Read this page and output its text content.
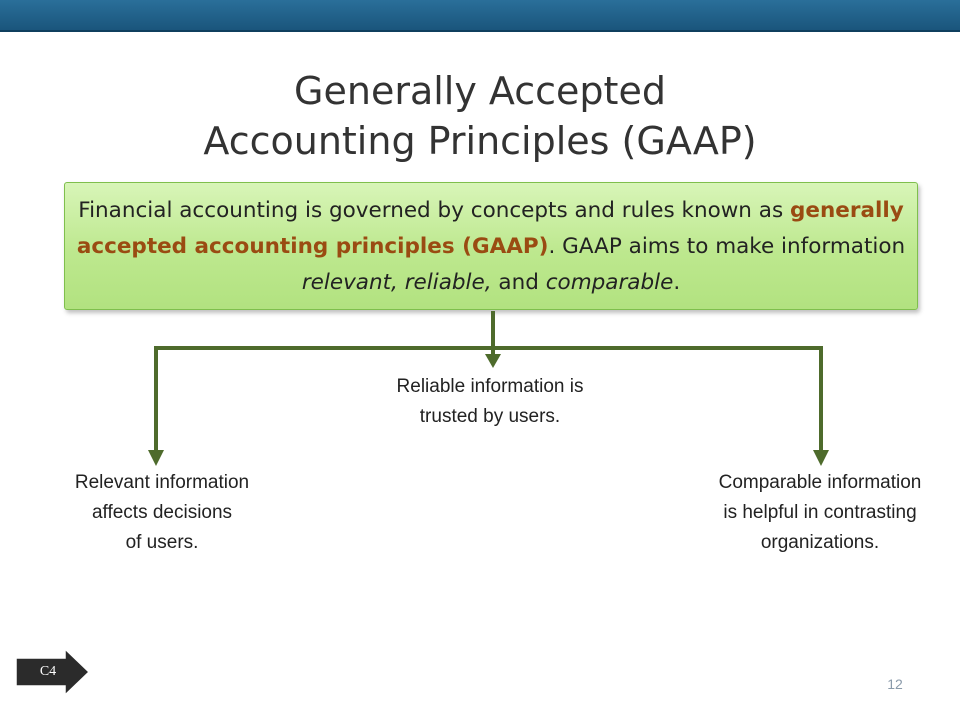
Generally Accepted
Accounting Principles (GAAP)
Financial accounting is governed by concepts and rules known as generally accepted accounting principles (GAAP). GAAP aims to make information relevant, reliable, and comparable.
Reliable information is
trusted by users.
Relevant information
affects decisions
of users.
Comparable information
is helpful in contrasting
organizations.
C4
12
